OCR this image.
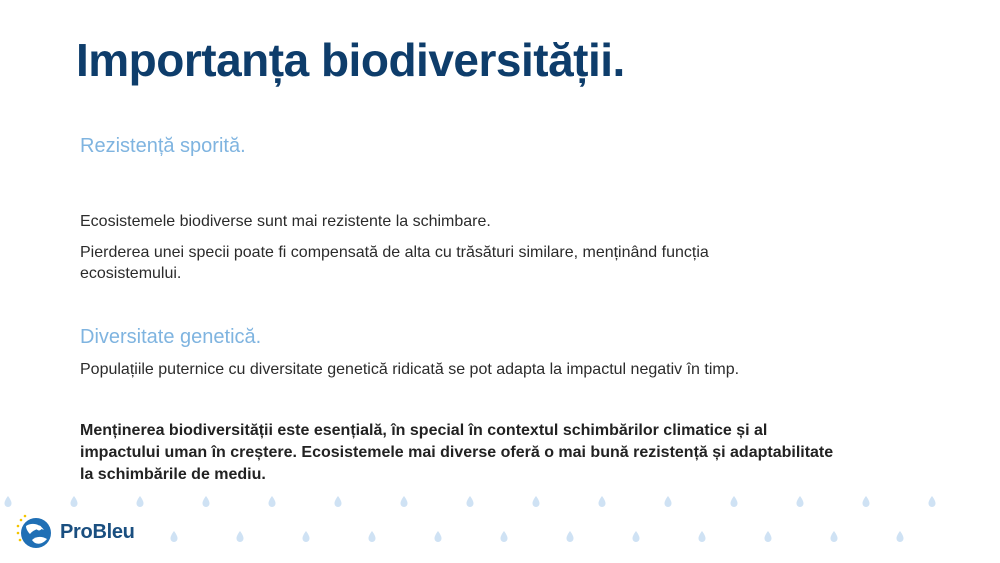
Importanța biodiversității.
Rezistență sporită.

Ecosistemele biodiverse sunt mai rezistente la schimbare.

Pierderea unei specii poate fi compensată de alta cu trăsături similare, menținând funcția ecosistemului.

Diversitate genetică.

Populațiile puternice cu diversitate genetică ridicată se pot adapta la impactul negativ în timp.

Menținerea biodiversității este esențială, în special în contextul schimbărilor climatice și al impactului uman în creștere. Ecosistemele mai diverse oferă o mai bună rezistență și adaptabilitate la schimbările de mediu.

ProBleu
